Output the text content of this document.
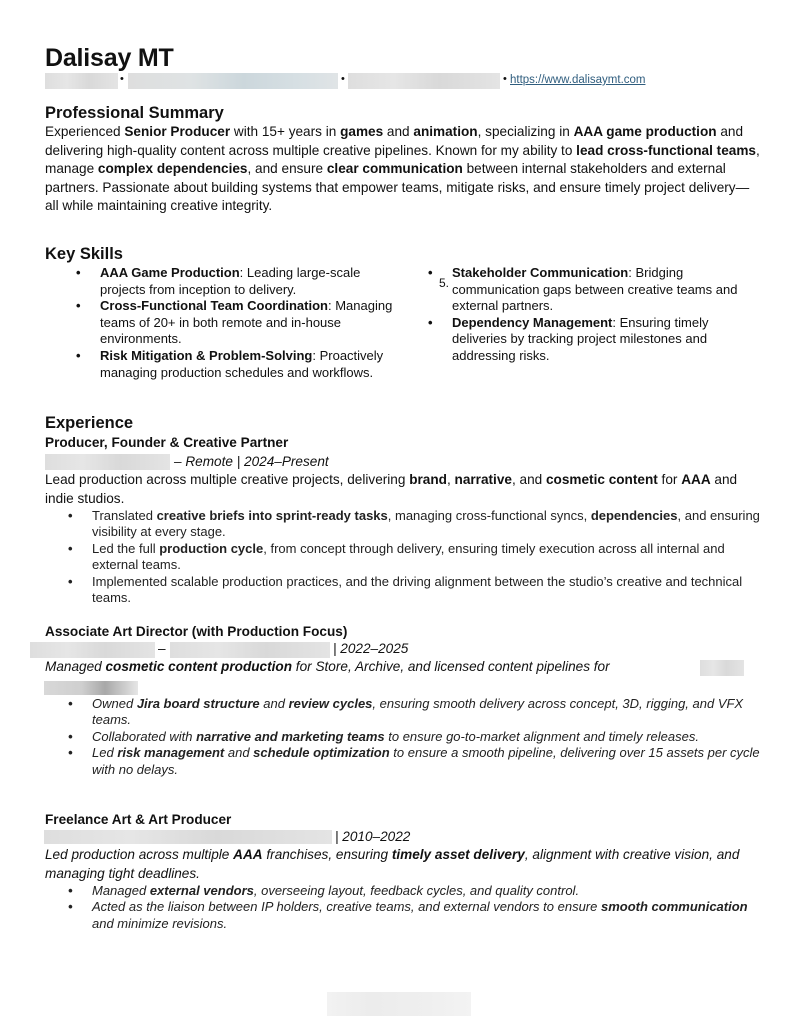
Dalisay MT
•	•	• https://www.dalisaymt.com
Professional Summary

Experienced Senior Producer with 15+ years in games and animation, specializing in AAA game production and delivering high-quality content across multiple creative pipelines. Known for my ability to lead cross-functional teams, manage complex dependencies, and ensure clear communication between internal stakeholders and external partners. Passionate about building systems that empower teams, mitigate risks, and ensure timely project delivery—all while maintaining creative integrity.

Key Skills
• AAA Game Production: Leading large-scale projects from inception to delivery.
• Cross-Functional Team Coordination: Managing teams of 20+ in both remote and in-house environments.
• Risk Mitigation & Problem-Solving: Proactively managing production schedules and workflows.
5.
• Stakeholder Communication: Bridging communication gaps between creative teams and external partners.
• Dependency Management: Ensuring timely deliveries by tracking project milestones and addressing risks.
Experience
Producer, Founder & Creative Partner
– Remote | 2024–Present

Lead production across multiple creative projects, delivering brand, narrative, and cosmetic content for AAA and indie studios.

• Translated creative briefs into sprint-ready tasks, managing cross-functional syncs, dependencies, and ensuring visibility at every stage.
• Led the full production cycle, from concept through delivery, ensuring timely execution across all internal and external teams.
• Implemented scalable production practices, and the driving alignment between the studio’s creative and technical teams.
Associate Art Director (with Production Focus)
–	| 2022–2025

Managed cosmetic content production for Store, Archive, and licensed content pipelines for

• Owned Jira board structure and review cycles, ensuring smooth delivery across concept, 3D, rigging, and VFX teams.
• Collaborated with narrative and marketing teams to ensure go-to-market alignment and timely releases.
• Led risk management and schedule optimization to ensure a smooth pipeline, delivering over 15 assets per cycle with no delays.
Freelance Art & Art Producer
| 2010–2022

Led production across multiple AAA franchises, ensuring timely asset delivery, alignment with creative vision, and managing tight deadlines.

• Managed external vendors, overseeing layout, feedback cycles, and quality control.
• Acted as the liaison between IP holders, creative teams, and external vendors to ensure smooth communication and minimize revisions.
